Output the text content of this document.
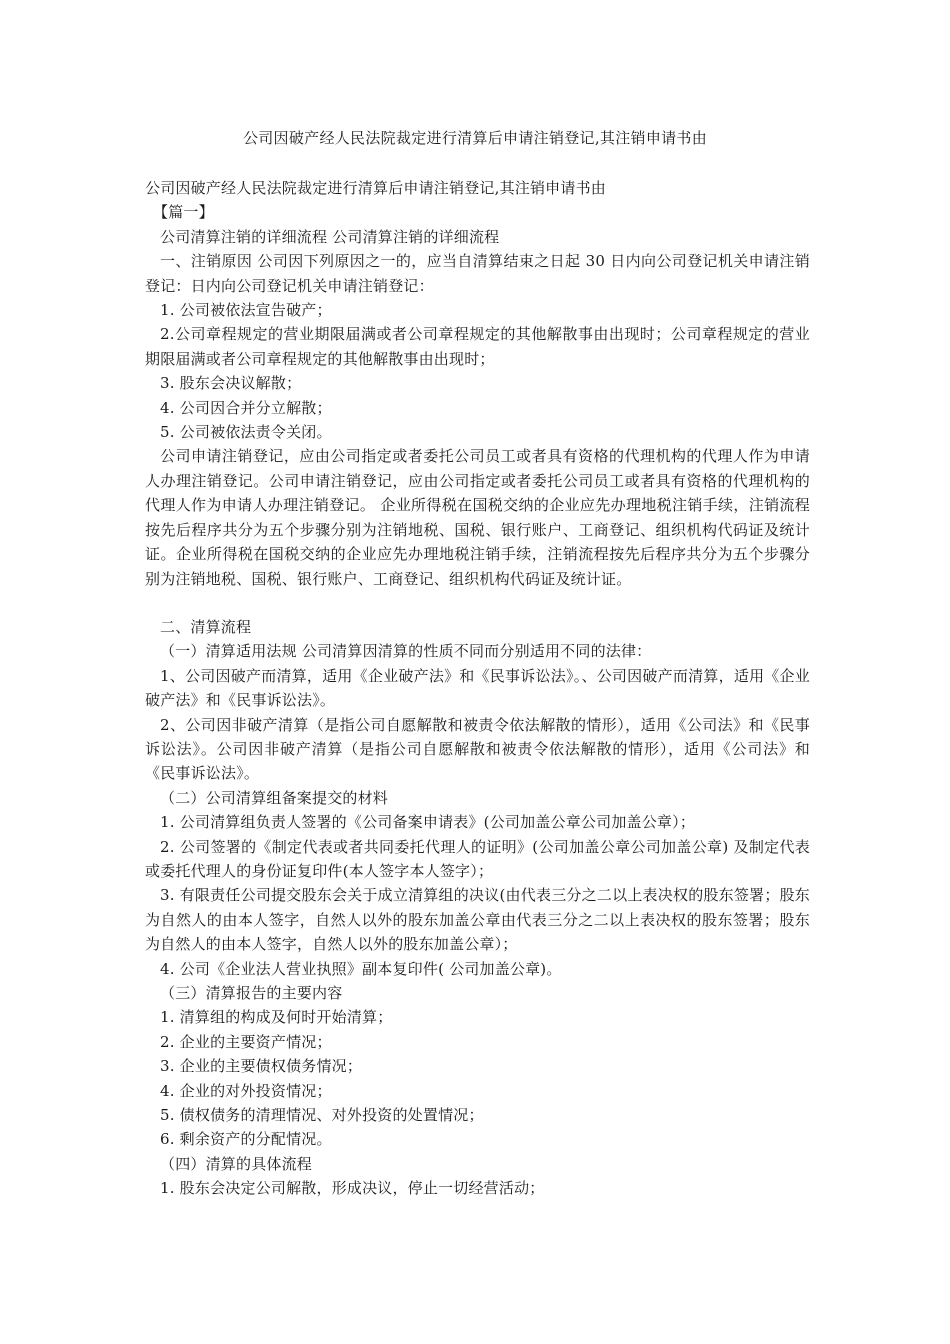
公司因破产经人民法院裁定进行清算后申请注销登记,其注销申请书由

公司因破产经人民法院裁定进行清算后申请注销登记,其注销申请书由

【篇一】

公司清算注销的详细流程 公司清算注销的详细流程

一、注销原因 公司因下列原因之一的，应当自清算结束之日起 30 日内向公司登记机关申请注销登记：日内向公司登记机关申请注销登记：

1. 公司被依法宣告破产；

2.公司章程规定的营业期限届满或者公司章程规定的其他解散事由出现时；公司章程规定的营业期限届满或者公司章程规定的其他解散事由出现时；

3. 股东会决议解散；

4. 公司因合并分立解散；

5. 公司被依法责令关闭。

公司申请注销登记，应由公司指定或者委托公司员工或者具有资格的代理机构的代理人作为申请人办理注销登记。公司申请注销登记，应由公司指定或者委托公司员工或者具有资格的代理机构的代理人作为申请人办理注销登记。 企业所得税在国税交纳的企业应先办理地税注销手续，注销流程按先后程序共分为五个步骤分别为注销地税、国税、银行账户、工商登记、组织机构代码证及统计证。企业所得税在国税交纳的企业应先办理地税注销手续，注销流程按先后程序共分为五个步骤分别为注销地税、国税、银行账户、工商登记、组织机构代码证及统计证。

二、清算流程

（一）清算适用法规 公司清算因清算的性质不同而分别适用不同的法律：

1、公司因破产而清算，适用《企业破产法》和《民事诉讼法》。、公司因破产而清算，适用《企业破产法》和《民事诉讼法》。

2、公司因非破产清算（是指公司自愿解散和被责令依法解散的情形），适用《公司法》和《民事诉讼法》。公司因非破产清算（是指公司自愿解散和被责令依法解散的情形），适用《公司法》和《民事诉讼法》。

（二）公司清算组备案提交的材料

1. 公司清算组负责人签署的《公司备案申请表》(公司加盖公章公司加盖公章）；

2. 公司签署的《制定代表或者共同委托代理人的证明》(公司加盖公章公司加盖公章) 及制定代表或委托代理人的身份证复印件(本人签字本人签字）；

3. 有限责任公司提交股东会关于成立清算组的决议(由代表三分之二以上表决权的股东签署；股东为自然人的由本人签字，自然人以外的股东加盖公章由代表三分之二以上表决权的股东签署；股东为自然人的由本人签字，自然人以外的股东加盖公章）；

4. 公司《企业法人营业执照》副本复印件( 公司加盖公章)。

（三）清算报告的主要内容

1. 清算组的构成及何时开始清算；

2. 企业的主要资产情况；

3. 企业的主要债权债务情况；

4. 企业的对外投资情况；

5. 债权债务的清理情况、对外投资的处置情况；

6. 剩余资产的分配情况。

（四）清算的具体流程

1. 股东会决定公司解散，形成决议，停止一切经营活动；
